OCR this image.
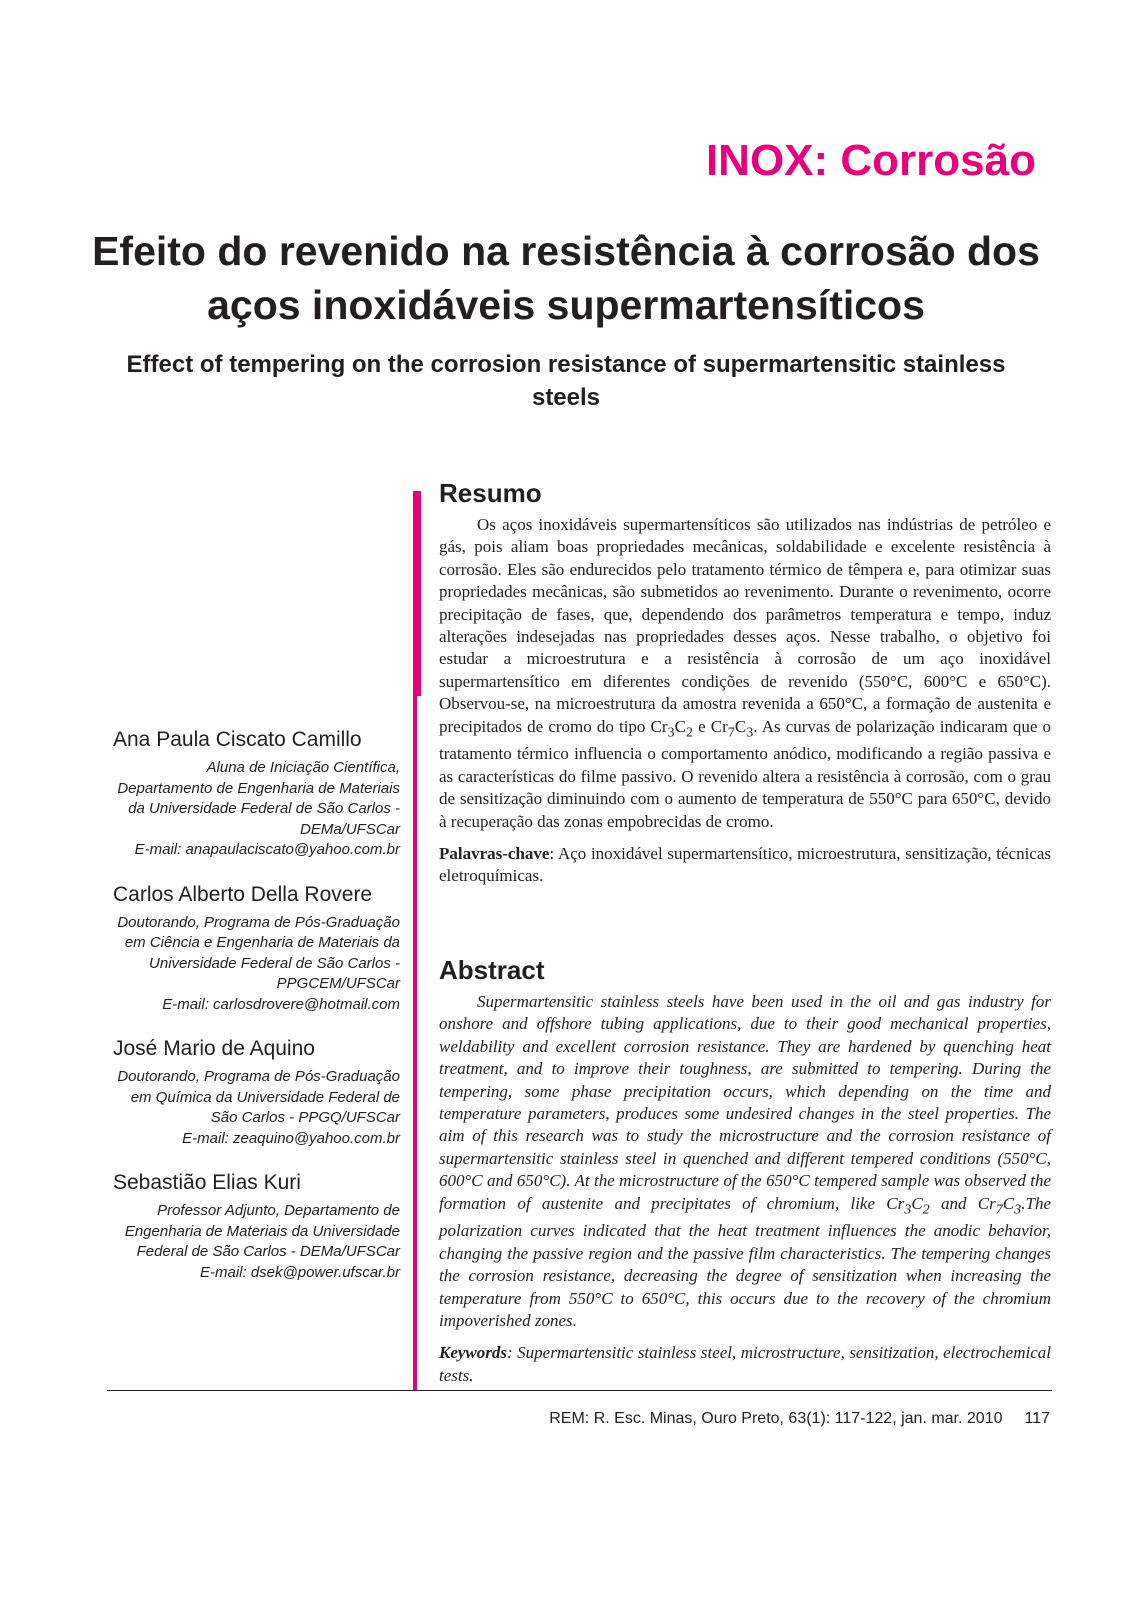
INOX: Corrosão
Efeito do revenido na resistência à corrosão dos aços inoxidáveis supermartensíticos
Effect of tempering on the corrosion resistance of supermartensitic stainless steels

Ana Paula Ciscato Camillo

Aluna de Iniciação Científica, Departamento de Engenharia de Materiais da Universidade Federal de São Carlos - DEMa/UFSCar

E-mail: anapaulaciscato@yahoo.com.br

Carlos Alberto Della Rovere

Doutorando, Programa de Pós-Graduação em Ciência e Engenharia de Materiais da Universidade Federal de São Carlos - PPGCEM/UFSCar

E-mail: carlosdrovere@hotmail.com

José Mario de Aquino

Doutorando, Programa de Pós-Graduação em Química da Universidade Federal de São Carlos - PPGQ/UFSCar

E-mail: zeaquino@yahoo.com.br

Sebastião Elias Kuri

Professor Adjunto, Departamento de Engenharia de Materiais da Universidade Federal de São Carlos - DEMa/UFSCar

E-mail: dsek@power.ufscar.br

Resumo

Os aços inoxidáveis supermartensíticos são utilizados nas indústrias de petróleo e gás, pois aliam boas propriedades mecânicas, soldabilidade e excelente resistência à corrosão. Eles são endurecidos pelo tratamento térmico de têmpera e, para otimizar suas propriedades mecânicas, são submetidos ao revenimento. Durante o revenimento, ocorre precipitação de fases, que, dependendo dos parâmetros temperatura e tempo, induz alterações indesejadas nas propriedades desses aços. Nesse trabalho, o objetivo foi estudar a microestrutura e a resistência à corrosão de um aço inoxidável supermartensítico em diferentes condições de revenido (550°C, 600°C e 650°C). Observou-se, na microestrutura da amostra revenida a 650°C, a formação de austenita e precipitados de cromo do tipo $Cr_3C_2$ e $Cr_7C_3$. As curvas de polarização indicaram que o tratamento térmico influencia o comportamento anódico, modificando a região passiva e as características do filme passivo. O revenido altera a resistência à corrosão, com o grau de sensitização diminuindo com o aumento de temperatura de 550°C para 650°C, devido à recuperação das zonas empobrecidas de cromo.

Palavras-chave: Aço inoxidável supermartensítico, microestrutura, sensitização, técnicas eletroquímicas.

Abstract

Supermartensitic stainless steels have been used in the oil and gas industry for onshore and offshore tubing applications, due to their good mechanical properties, weldability and excellent corrosion resistance. They are hardened by quenching heat treatment, and to improve their toughness, are submitted to tempering. During the tempering, some phase precipitation occurs, which depending on the time and temperature parameters, produces some undesired changes in the steel properties. The aim of this research was to study the microstructure and the corrosion resistance of supermartensitic stainless steel in quenched and different tempered conditions (550°C, 600°C and 650°C). At the microstructure of the 650°C tempered sample was observed the formation of austenite and precipitates of chromium, like $Cr_3C_2$ and $Cr_7C_3.The$ polarization curves indicated that the heat treatment influences the anodic behavior, changing the passive region and the passive film characteristics. The tempering changes the corrosion resistance, decreasing the degree of sensitization when increasing the temperature from 550°C to 650°C, this occurs due to the recovery of the chromium impoverished zones.

Keywords: Supermartensitic stainless steel, microstructure, sensitization, electrochemical tests.

REM: R. Esc. Minas, Ouro Preto, 63(1): 117-122, jan. mar. 2010 117
